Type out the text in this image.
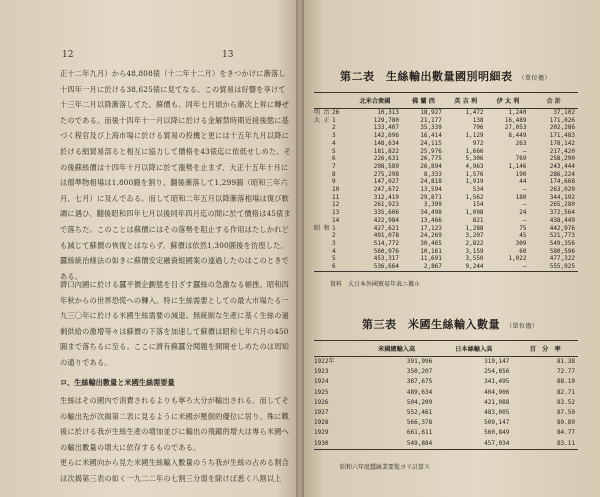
12
正十二年九月）から48,808俵（十二年十二月）をきつかけに漸落し十四年一月に於ける38,625俵に見てなる。この貿易は好響を享けて十三年二月以降漸落してた。蘇價も、同年七月頃から漸次上昇に轉ぜたのである。而後十四年十一月以降に於ける金解禁時期近接後態に基づく程官及び上海市場に於ける貿易の投機と更には十五年九月以降に於ける絹貿易部ると相互に協力して價格を43俵迄に依低せしめた。その後蘇絲價は十四年十月以降に於て漲勢を止まず、大正十五年十月には僧準物相場は1,800圓を割り、翻後漸落して1,299圓（昭和三年六月、七月）に及んでゐる。而して昭和二年五月以降漸落相場は復び軟調に遇ひ、翻後昭和四年七月以後同年四月迄の間に於て價格は45俵まで落ちた。このことは蘇價にはその落勢を阻止する作用はたしかれども減じて蘇價の恢復とはならず、蘇價は依然1,300圓後を彷徨した。蠶絲統治條法の如きに蘇價安定融資組國案の遂過したのはこのときである。
濟口內國に於ける蠶平價企劃態を目ざす蠶絲の急激なる頓挫。昭和四年秋からの世界恐慌への轉入。特に生絲需要としての最大市場たる一九三〇年に於ける米國生絲需要の減退。無統制な生產に基く生絲の過剩供給の激增等々は蘇價の下落を加速して蘇價は昭和七年六月の450圓まで落ちるに至る。ここに濟有蘇蠶分閱題を開開せしめたのは周知の通りである。
ロ、生絲輸出數量と米國生絲需要量
生絲はその國內で消費されるよりも寧ろ大分が輸出される。而してその輸出先が次揭第二表に見るように米國が壓倒的優位に居り、殊に戰後に於ける我が生絲生產の增加並びに輸出の飛躍的增大は專ら米國への輸出數量の增大に依存するものである。
更らに米國向から見た米國生絲輸入數量のうち我が生絲の占める割合は次揭第三表の如く一九二二年の七割三分弱を除けば悉く八割以上
13
第二表　生絲輸出數量國別明細表 （單位擔）
		北米合衆國	佛 蘭 西	英 吉 利	伊 太 利	合 計
明 治	26	10,313	18,927	1,472	1,240	37,102
大 正	1	129,780	21,177	138	16,489	171,026
	2	133,407	35,339	796	27,053	202,286
	3	142,696	16,414	1,129	8,449	171,483
	4	148,634	24,115	972	263	178,142
	5	181,822	25,976	1,666	—	217,420
	6	226,631	26,775	5,306	769	258,290
	7	208,589	26,894	4,963	1,146	243,444
	8	275,298	8,333	1,576	190	286,224
	9	147,027	24,818	1,919	44	174,668
	10	247,672	13,594	534	—	263,029
	11	312,419	29,871	1,562	180	344,192
	12	261,923	3,399	154	—	265,280
	13	335,606	34,498	1,098	24	372,564
	14	422,984	13,466	821	—	438,449
昭 和	1	427,621	17,123	1,288	75	442,976
	2	491,078	24,269	3,207	45	521,773
	3	514,772	30,465	2,822	309	549,356
	4	560,976	10,161	3,159	60	580,596
	5	453,317	11,691	3,550	1,022	477,322
	6	536,664	2,867	9,244	—	555,925
資料　大日本外國貿易年表ニ據ル
第三表　米國生絲輸入數量 （單位擔）
	米國總輸入高	日本絲輸入高	百　分　率
1922年	391,996	319,147	81.38
1923	350,207	254,856	72.77
1924	387,675	341,495	88.19
1925	489,634	404,906	82.71
1926	504,209	421,088	83.52
1927	552,461	483,005	87.50
1928	566,378	509,147	89.89
1929	661,611	560,849	84.77
1930	549,884	457,034	83.11
昭和六年度蠶絲業要覧ヨリ計算ス
